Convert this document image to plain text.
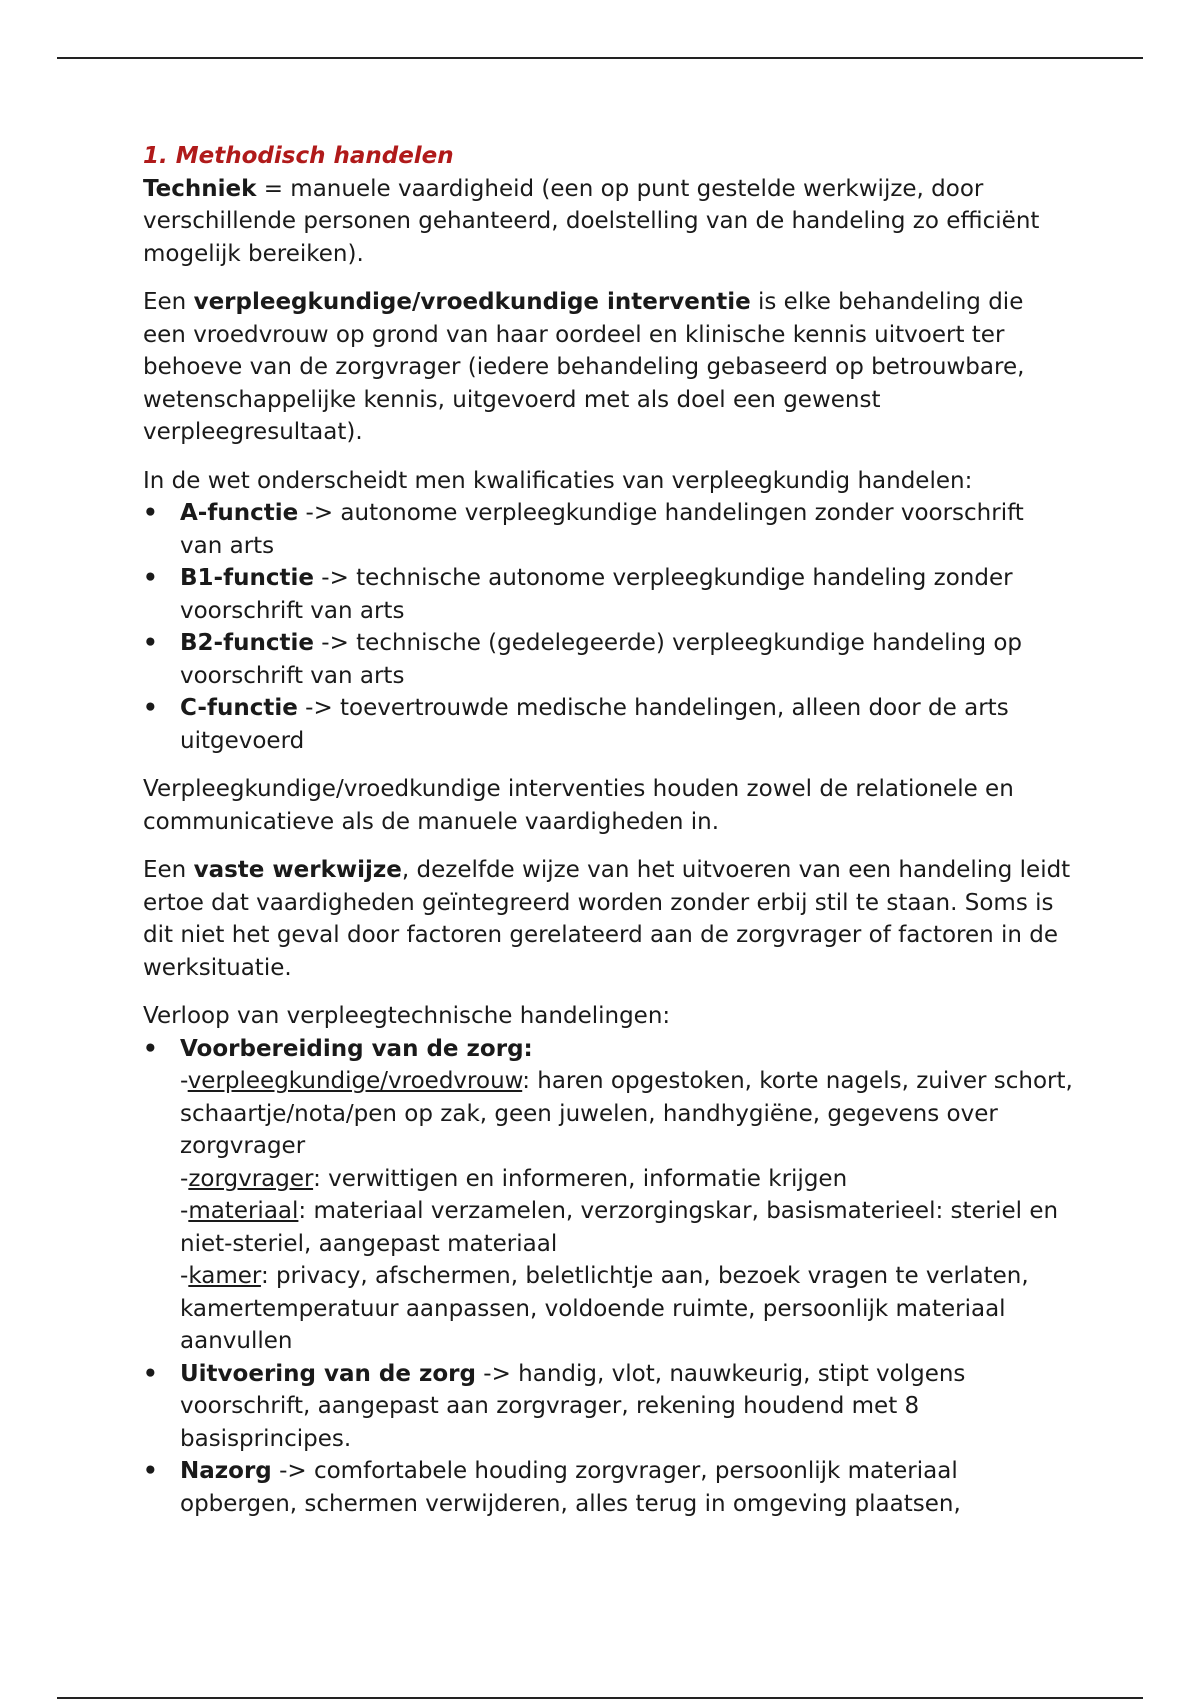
1. Methodisch handelen

Techniek = manuele vaardigheid (een op punt gestelde werkwijze, door verschillende personen gehanteerd, doelstelling van de handeling zo efficiënt mogelijk bereiken).

Een verpleegkundige/vroedkundige interventie is elke behandeling die een vroedvrouw op grond van haar oordeel en klinische kennis uitvoert ter behoeve van de zorgvrager (iedere behandeling gebaseerd op betrouwbare, wetenschappelijke kennis, uitgevoerd met als doel een gewenst verpleegresultaat).

In de wet onderscheidt men kwalificaties van verpleegkundig handelen:

• A-functie -> autonome verpleegkundige handelingen zonder voorschrift van arts
• B1-functie -> technische autonome verpleegkundige handeling zonder voorschrift van arts
• B2-functie -> technische (gedelegeerde) verpleegkundige handeling op voorschrift van arts
• C-functie -> toevertrouwde medische handelingen, alleen door de arts uitgevoerd

Verpleegkundige/vroedkundige interventies houden zowel de relationele en communicatieve als de manuele vaardigheden in.

Een vaste werkwijze, dezelfde wijze van het uitvoeren van een handeling leidt ertoe dat vaardigheden geïntegreerd worden zonder erbij stil te staan. Soms is dit niet het geval door factoren gerelateerd aan de zorgvrager of factoren in de werksituatie.

Verloop van verpleegtechnische handelingen:

• Voorbereiding van de zorg:
-verpleegkundige/vroedvrouw: haren opgestoken, korte nagels, zuiver schort, schaartje/nota/pen op zak, geen juwelen, handhygiëne, gegevens over zorgvrager
-zorgvrager: verwittigen en informeren, informatie krijgen
-materiaal: materiaal verzamelen, verzorgingskar, basismaterieel: steriel en niet-steriel, aangepast materiaal
-kamer: privacy, afschermen, beletlichtje aan, bezoek vragen te verlaten, kamertemperatuur aanpassen, voldoende ruimte, persoonlijk materiaal aanvullen
• Uitvoering van de zorg -> handig, vlot, nauwkeurig, stipt volgens voorschrift, aangepast aan zorgvrager, rekening houdend met 8 basisprincipes.
• Nazorg -> comfortabele houding zorgvrager, persoonlijk materiaal opbergen, schermen verwijderen, alles terug in omgeving plaatsen,
